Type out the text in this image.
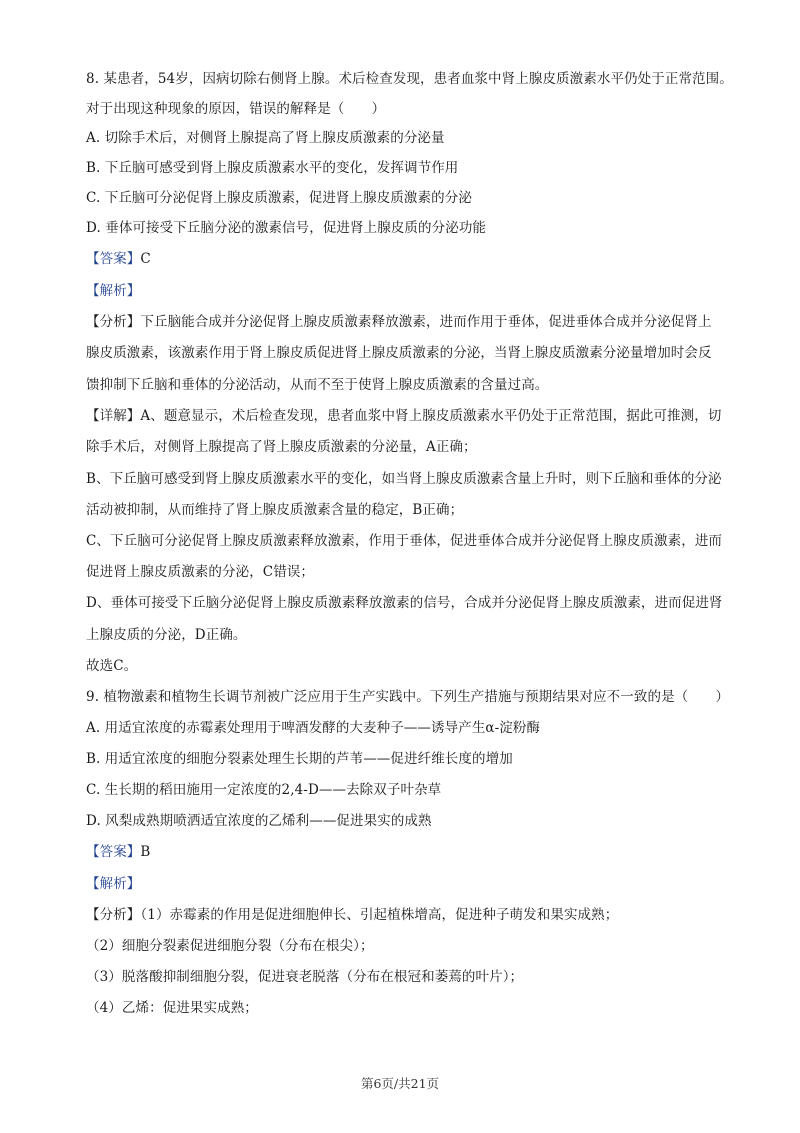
8. 某患者，54岁，因病切除右侧肾上腺。术后检查发现，患者血浆中肾上腺皮质激素水平仍处于正常范围。
对于出现这种现象的原因，错误的解释是（　　）
A. 切除手术后，对侧肾上腺提高了肾上腺皮质激素的分泌量
B. 下丘脑可感受到肾上腺皮质激素水平的变化，发挥调节作用
C. 下丘脑可分泌促肾上腺皮质激素，促进肾上腺皮质激素的分泌
D. 垂体可接受下丘脑分泌的激素信号，促进肾上腺皮质的分泌功能
【答案】C
【解析】
【分析】下丘脑能合成并分泌促肾上腺皮质激素释放激素，进而作用于垂体，促进垂体合成并分泌促肾上
腺皮质激素，该激素作用于肾上腺皮质促进肾上腺皮质激素的分泌，当肾上腺皮质激素分泌量增加时会反
馈抑制下丘脑和垂体的分泌活动，从而不至于使肾上腺皮质激素的含量过高。
【详解】A、题意显示，术后检查发现，患者血浆中肾上腺皮质激素水平仍处于正常范围，据此可推测，切
除手术后，对侧肾上腺提高了肾上腺皮质激素的分泌量，A正确；
B、下丘脑可感受到肾上腺皮质激素水平的变化，如当肾上腺皮质激素含量上升时，则下丘脑和垂体的分泌
活动被抑制，从而维持了肾上腺皮质激素含量的稳定，B正确；
C、下丘脑可分泌促肾上腺皮质激素释放激素，作用于垂体，促进垂体合成并分泌促肾上腺皮质激素，进而
促进肾上腺皮质激素的分泌，C错误；
D、垂体可接受下丘脑分泌促肾上腺皮质激素释放激素的信号，合成并分泌促肾上腺皮质激素，进而促进肾
上腺皮质的分泌，D正确。
故选C。
9. 植物激素和植物生长调节剂被广泛应用于生产实践中。下列生产措施与预期结果对应不一致的是（　　）
A. 用适宜浓度的赤霉素处理用于啤酒发酵的大麦种子——诱导产生α-淀粉酶
B. 用适宜浓度的细胞分裂素处理生长期的芦苇——促进纤维长度的增加
C. 生长期的稻田施用一定浓度的2,4-D——去除双子叶杂草
D. 风梨成熟期喷洒适宜浓度的乙烯利——促进果实的成熟
【答案】B
【解析】
【分析】（1）赤霉素的作用是促进细胞伸长、引起植株增高，促进种子萌发和果实成熟；
（2）细胞分裂素促进细胞分裂（分布在根尖）；
（3）脱落酸抑制细胞分裂，促进衰老脱落（分布在根冠和萎蔫的叶片）；
（4）乙烯：促进果实成熟；
第6页/共21页
